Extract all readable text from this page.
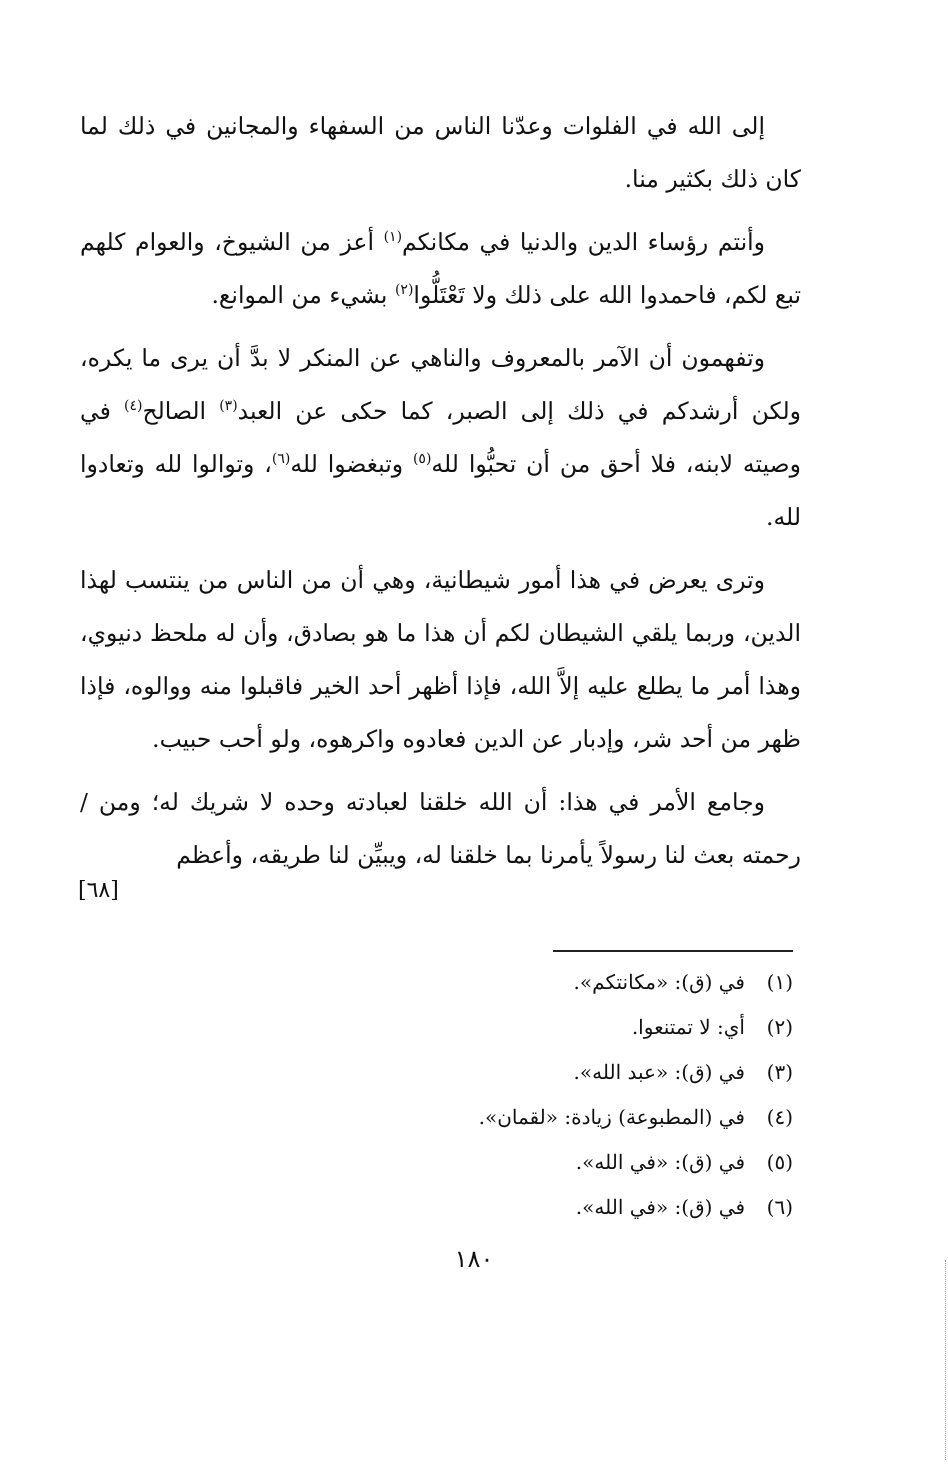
إلى الله في الفلوات وعدّنا الناس من السفهاء والمجانين في ذلك لما كان ذلك بكثير منا.

وأنتم رؤساء الدين والدنيا في مكانكم$^{(١)}$ أعز من الشيوخ، والعوام كلهم تبع لكم، فاحمدوا الله على ذلك ولا تَعْتَلُّوا$^{(٢)}$ بشيء من الموانع.

وتفهمون أن الآمر بالمعروف والناهي عن المنكر لا بدَّ أن يرى ما يكره، ولكن أرشدكم في ذلك إلى الصبر، كما حكى عن العبد$^{(٣)}$ الصالح$^{(٤)}$ في وصيته لابنه، فلا أحق من أن تحبُّوا لله$^{(٥)}$ وتبغضوا لله$^{(٦)}$، وتوالوا لله وتعادوا لله.

وترى يعرض في هذا أمور شيطانية، وهي أن من الناس من ينتسب لهذا الدين، وربما يلقي الشيطان لكم أن هذا ما هو بصادق، وأن له ملحظ دنيوي، وهذا أمر ما يطلع عليه إلاَّ الله، فإذا أظهر أحد الخير فاقبلوا منه ووالوه، فإذا ظهر من أحد شر، وإدبار عن الدين فعادوه واكرهوه، ولو أحب حبيب.

وجامع الأمر في هذا: أن الله خلقنا لعبادته وحده لا شريك له؛ ومن /رحمته بعث لنا رسولاً يأمرنا بما خلقنا له، ويبيِّن لنا طريقه، وأعظم

[٦٨]
(١)في (ق): «مكانتكم».
(٢)أي: لا تمتنعوا.
(٣)في (ق): «عبد الله».
(٤)في (المطبوعة) زيادة: «لقمان».
(٥)في (ق): «في الله».
(٦)في (ق): «في الله».
١٨٠
